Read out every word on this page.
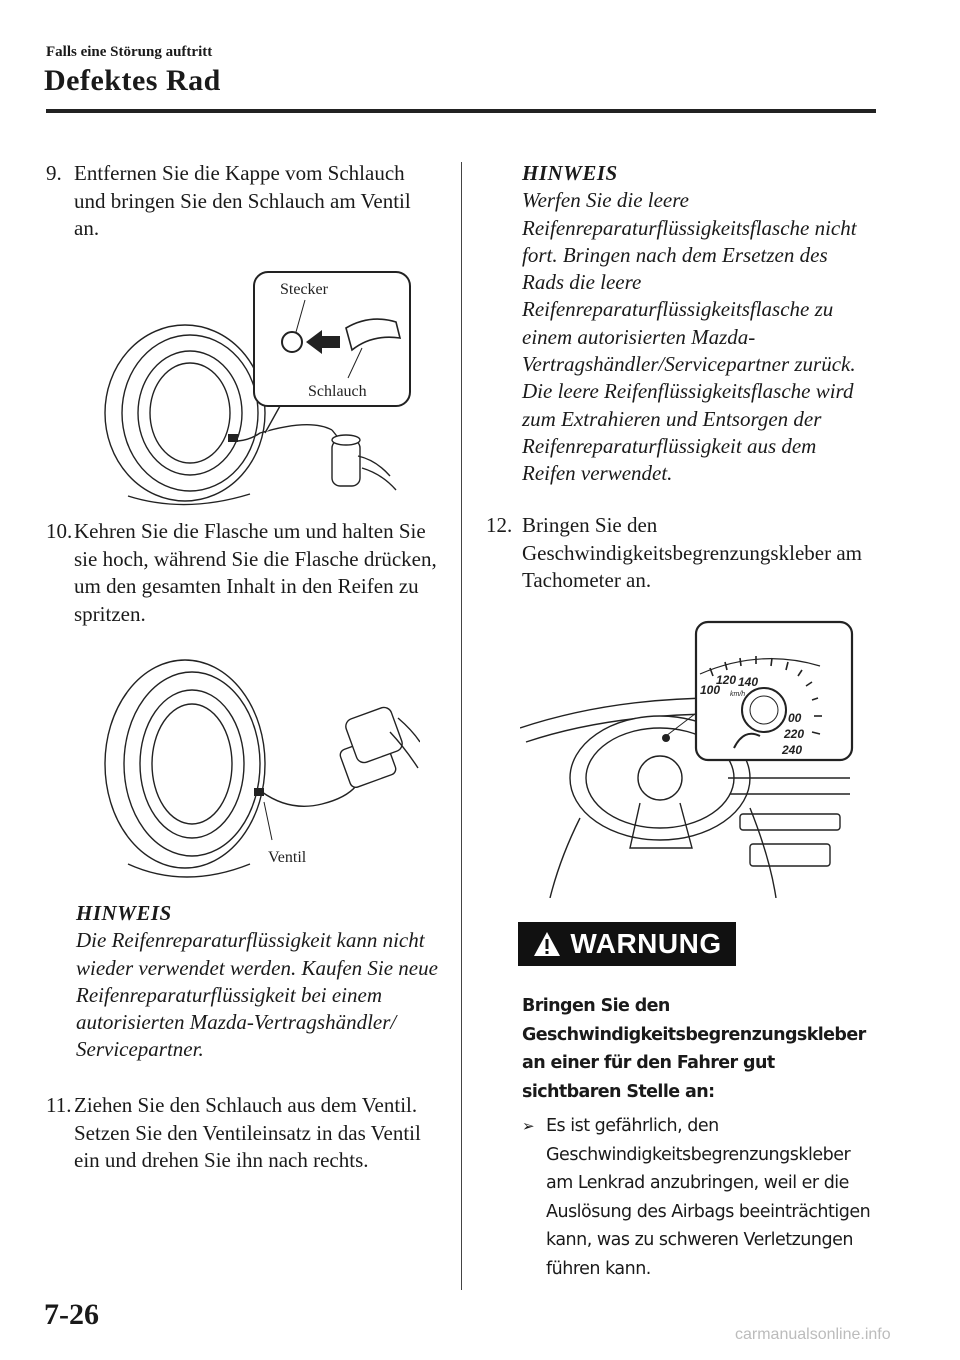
Falls eine Störung auftritt
Defektes Rad
9. Entfernen Sie die Kappe vom Schlauch und bringen Sie den Schlauch am Ventil an.
Stecker
Schlauch
10. Kehren Sie die Flasche um und halten Sie sie hoch, während Sie die Flasche drücken, um den gesamten Inhalt in den Reifen zu spritzen.
Ventil
HINWEIS
Die Reifenreparaturflüssigkeit kann nicht wieder verwendet werden. Kaufen Sie neue Reifenreparaturflüssigkeit bei einem autorisierten Mazda-Vertragshändler/ Servicepartner.
11. Ziehen Sie den Schlauch aus dem Ventil. Setzen Sie den Ventileinsatz in das Ventil ein und drehen Sie ihn nach rechts.
HINWEIS
Werfen Sie die leere Reifenreparaturflüssigkeitsflasche nicht fort. Bringen nach dem Ersetzen des Rads die leere Reifenreparaturflüssigkeitsflasche zu einem autorisierten Mazda-Vertragshändler/Servicepartner zurück. Die leere Reifenflüssigkeitsflasche wird zum Extrahieren und Entsorgen der Reifenreparaturflüssigkeit aus dem Reifen verwendet.
12. Bringen Sie den Geschwindigkeitsbegrenzungskleber am Tachometer an.
100
120 140
km/h
00
220
240
WARNUNG
Bringen Sie den Geschwindigkeitsbegrenzungskleber an einer für den Fahrer gut sichtbaren Stelle an:
➢ Es ist gefährlich, den Geschwindigkeitsbegrenzungskleber am Lenkrad anzubringen, weil er die Auslösung des Airbags beeinträchtigen kann, was zu schweren Verletzungen führen kann.
7-26
carmanualsonline.info
